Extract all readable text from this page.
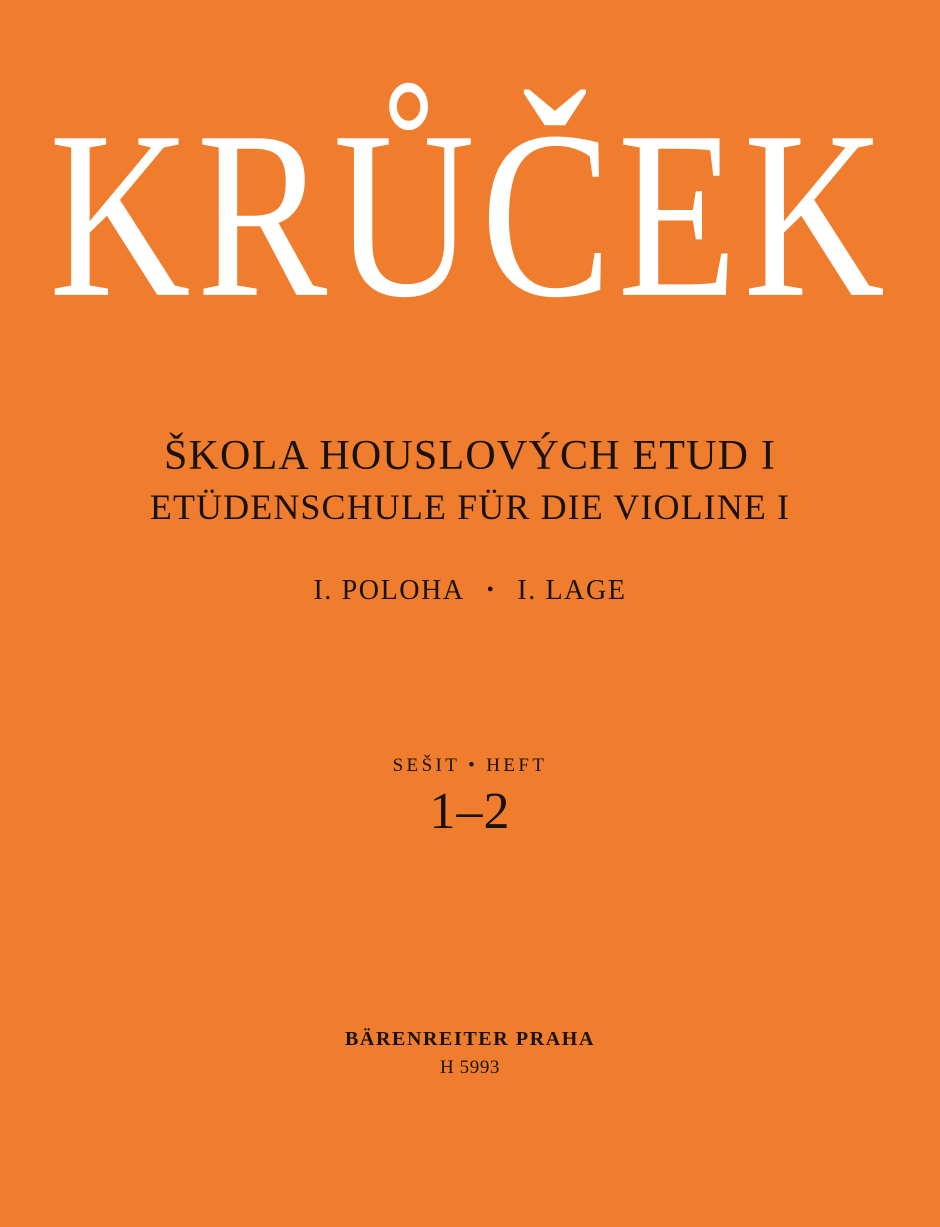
KRŮČEK
ŠKOLA HOUSLOVÝCH ETUD I
ETÜDENSCHULE FÜR DIE VIOLINE I
I. POLOHA • I. LAGE
SEŠIT • HEFT
1–2
BÄRENREITER PRAHA
H 5993
